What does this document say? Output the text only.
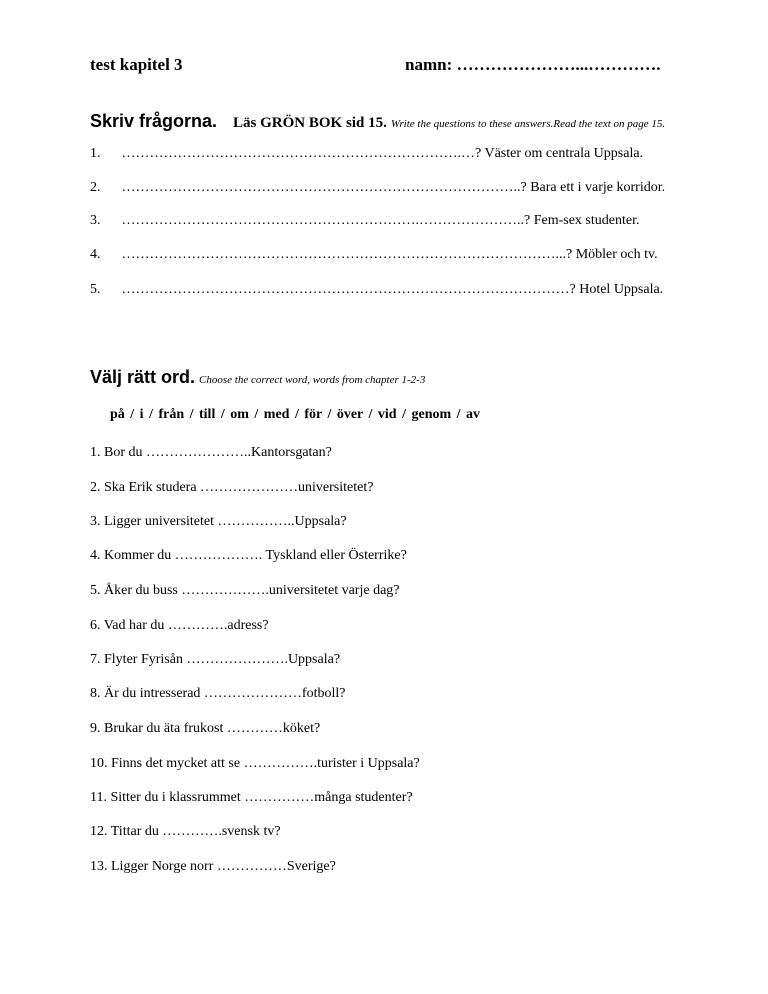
test kapitel 3	namn: …………………...………….
Skriv frågorna. Läs GRÖN BOK sid 15. Write the questions to these answers.Read the text on page 15.
1. ……………………………………………………………….…? Väster om centrala Uppsala.
2. …………………………………………………………………………..? Bara ett i varje korridor.
3. ……………………………………………………….…………………..? Fem-sex studenter.
4. …………………………………………………………………………………...? Möbler och tv.
5. ……………………………………………………………………………………? Hotel Uppsala.
Välj rätt ord. Choose the correct word, words from chapter 1-2-3
på / i / från / till / om / med / för / över / vid / genom / av
1. Bor du …………………..Kantorsgatan?
2. Ska Erik studera …………………universitetet?
3. Ligger universitetet ……………..Uppsala?
4. Kommer du ………………. Tyskland eller Österrike?
5. Åker du buss ……………….universitetet varje dag?
6. Vad har du ………….adress?
7. Flyter Fyrisån ………………….Uppsala?
8. Är du intresserad …………………fotboll?
9. Brukar du äta frukost …………köket?
10. Finns det mycket att se …………….turister i Uppsala?
11. Sitter du i klassrummet ……………många studenter?
12. Tittar du ………….svensk tv?
13. Ligger Norge norr ……………Sverige?
